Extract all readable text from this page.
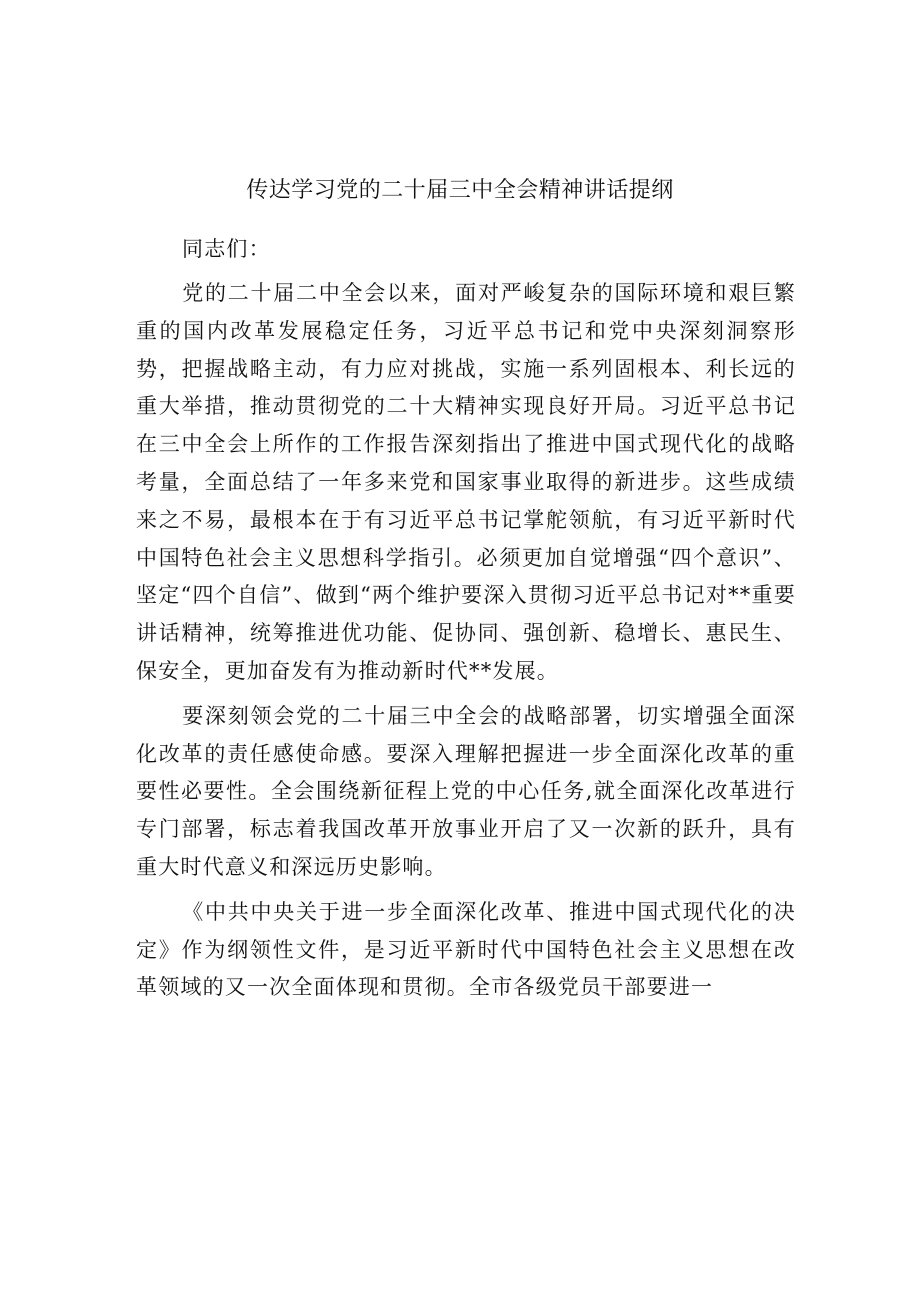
传达学习党的二十届三中全会精神讲话提纲
同志们：

党的二十届二中全会以来，面对严峻复杂的国际环境和艰巨繁重的国内改革发展稳定任务，习近平总书记和党中央深刻洞察形势，把握战略主动，有力应对挑战，实施一系列固根本、利长远的重大举措，推动贯彻党的二十大精神实现良好开局。习近平总书记在三中全会上所作的工作报告深刻指出了推进中国式现代化的战略考量，全面总结了一年多来党和国家事业取得的新进步。这些成绩来之不易，最根本在于有习近平总书记掌舵领航，有习近平新时代中国特色社会主义思想科学指引。必须更加自觉增强“四个意识”、坚定“四个自信”、做到“两个维护要深入贯彻习近平总书记对**重要讲话精神，统筹推进优功能、促协同、强创新、稳增长、惠民生、保安全，更加奋发有为推动新时代**发展。

要深刻领会党的二十届三中全会的战略部署，切实增强全面深化改革的责任感使命感。要深入理解把握进一步全面深化改革的重要性必要性。全会围绕新征程上党的中心任务,就全面深化改革进行专门部署，标志着我国改革开放事业开启了又一次新的跃升，具有重大时代意义和深远历史影响。

《中共中央关于进一步全面深化改革、推进中国式现代化的决定》作为纲领性文件，是习近平新时代中国特色社会主义思想在改革领域的又一次全面体现和贯彻。全市各级党员干部要进一
